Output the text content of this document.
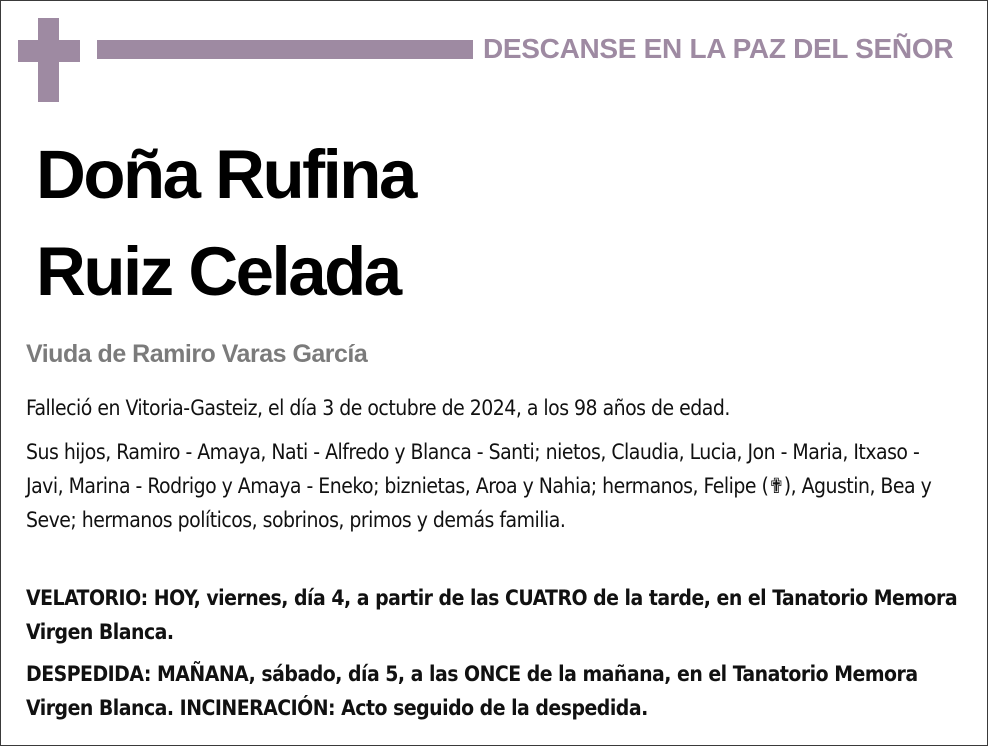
DESCANSE EN LA PAZ DEL SEÑOR
Doña Rufina
Ruiz Celada
Viuda de Ramiro Varas García
Falleció en Vitoria-Gasteiz, el día 3 de octubre de 2024, a los 98 años de edad.
Sus hijos, Ramiro - Amaya, Nati - Alfredo y Blanca - Santi; nietos, Claudia, Lucia, Jon - Maria, Itxaso - Javi, Marina - Rodrigo y Amaya - Eneko; biznietas, Aroa y Nahia; hermanos, Felipe (✟), Agustin, Bea y Seve; hermanos políticos, sobrinos, primos y demás familia.
VELATORIO: HOY, viernes, día 4, a partir de las CUATRO de la tarde, en el Tanatorio Memora Virgen Blanca.
DESPEDIDA: MAÑANA, sábado, día 5, a las ONCE de la mañana, en el Tanatorio Memora Virgen Blanca. INCINERACIÓN: Acto seguido de la despedida.
